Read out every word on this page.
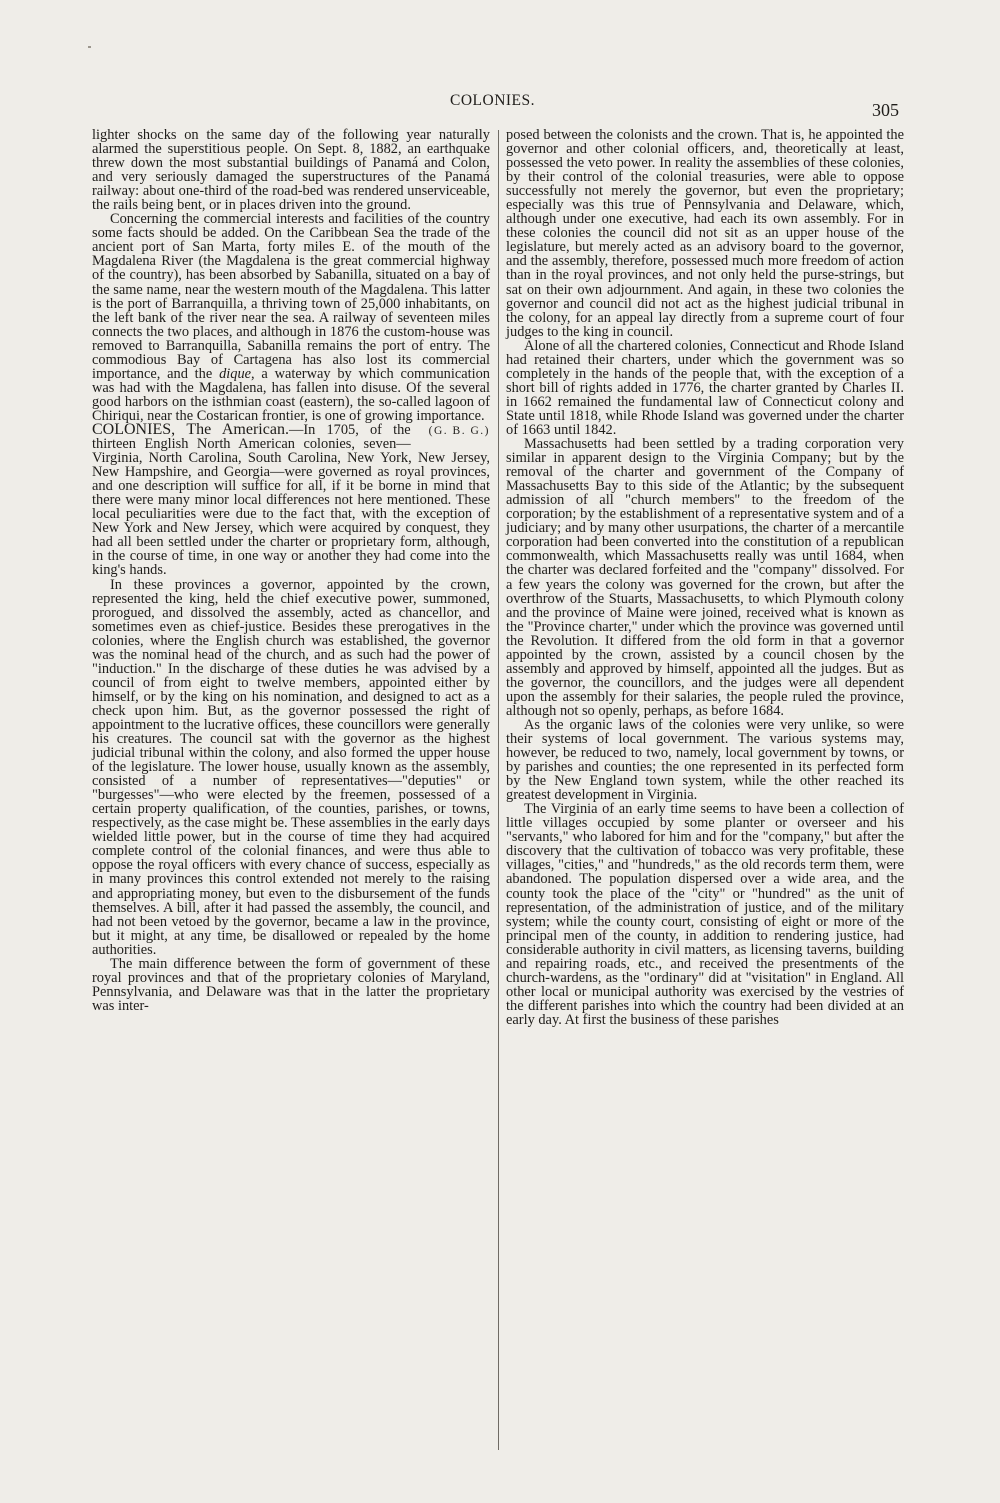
COLONIES.	305

lighter shocks on the same day of the following year naturally alarmed the superstitious people. On Sept. 8, 1882, an earthquake threw down the most substantial buildings of Panamá and Colon, and very seriously damaged the superstructures of the Panamá railway: about one-third of the road-bed was rendered unserviceable, the rails being bent, or in places driven into the ground.

Concerning the commercial interests and facilities of the country some facts should be added. On the Caribbean Sea the trade of the ancient port of San Marta, forty miles E. of the mouth of the Magdalena River (the Magdalena is the great commercial highway of the country), has been absorbed by Sabanilla, situated on a bay of the same name, near the western mouth of the Magdalena. This latter is the port of Barranquilla, a thriving town of 25,000 inhabitants, on the left bank of the river near the sea. A railway of seventeen miles connects the two places, and although in 1876 the custom-house was removed to Barranquilla, Sabanilla remains the port of entry. The commodious Bay of Cartagena has also lost its commercial importance, and the dique, a waterway by which communication was had with the Magdalena, has fallen into disuse. Of the several good harbors on the isthmian coast (eastern), the so-called lagoon of Chiriqui, near the Costarican frontier, is one of growing importance.
(G. B. G.)

COLONIES, The American.—In 1705, of the thirteen English North American colonies, seven—Virginia, North Carolina, South Carolina, New York, New Jersey, New Hampshire, and Georgia—were governed as royal provinces, and one description will suffice for all, if it be borne in mind that there were many minor local differences not here mentioned. These local peculiarities were due to the fact that, with the exception of New York and New Jersey, which were acquired by conquest, they had all been settled under the charter or proprietary form, although, in the course of time, in one way or another they had come into the king's hands.

In these provinces a governor, appointed by the crown, represented the king, held the chief executive power, summoned, prorogued, and dissolved the assembly, acted as chancellor, and sometimes even as chief-justice. Besides these prerogatives in the colonies, where the English church was established, the governor was the nominal head of the church, and as such had the power of "induction." In the discharge of these duties he was advised by a council of from eight to twelve members, appointed either by himself, or by the king on his nomination, and designed to act as a check upon him. But, as the governor possessed the right of appointment to the lucrative offices, these councillors were generally his creatures. The council sat with the governor as the highest judicial tribunal within the colony, and also formed the upper house of the legislature. The lower house, usually known as the assembly, consisted of a number of representatives—"deputies" or "burgesses"—who were elected by the freemen, possessed of a certain property qualification, of the counties, parishes, or towns, respectively, as the case might be. These assemblies in the early days wielded little power, but in the course of time they had acquired complete control of the colonial finances, and were thus able to oppose the royal officers with every chance of success, especially as in many provinces this control extended not merely to the raising and appropriating money, but even to the disbursement of the funds themselves. A bill, after it had passed the assembly, the council, and had not been vetoed by the governor, became a law in the province, but it might, at any time, be disallowed or repealed by the home authorities.

The main difference between the form of government of these royal provinces and that of the proprietary colonies of Maryland, Pennsylvania, and Delaware was that in the latter the proprietary was inter-

posed between the colonists and the crown. That is, he appointed the governor and other colonial officers, and, theoretically at least, possessed the veto power. In reality the assemblies of these colonies, by their control of the colonial treasuries, were able to oppose successfully not merely the governor, but even the proprietary; especially was this true of Pennsylvania and Delaware, which, although under one executive, had each its own assembly. For in these colonies the council did not sit as an upper house of the legislature, but merely acted as an advisory board to the governor, and the assembly, therefore, possessed much more freedom of action than in the royal provinces, and not only held the purse-strings, but sat on their own adjournment. And again, in these two colonies the governor and council did not act as the highest judicial tribunal in the colony, for an appeal lay directly from a supreme court of four judges to the king in council.

Alone of all the chartered colonies, Connecticut and Rhode Island had retained their charters, under which the government was so completely in the hands of the people that, with the exception of a short bill of rights added in 1776, the charter granted by Charles II. in 1662 remained the fundamental law of Connecticut colony and State until 1818, while Rhode Island was governed under the charter of 1663 until 1842.

Massachusetts had been settled by a trading corporation very similar in apparent design to the Virginia Company; but by the removal of the charter and government of the Company of Massachusetts Bay to this side of the Atlantic; by the subsequent admission of all "church members" to the freedom of the corporation; by the establishment of a representative system and of a judiciary; and by many other usurpations, the charter of a mercantile corporation had been converted into the constitution of a republican commonwealth, which Massachusetts really was until 1684, when the charter was declared forfeited and the "company" dissolved. For a few years the colony was governed for the crown, but after the overthrow of the Stuarts, Massachusetts, to which Plymouth colony and the province of Maine were joined, received what is known as the "Province charter," under which the province was governed until the Revolution. It differed from the old form in that a governor appointed by the crown, assisted by a council chosen by the assembly and approved by himself, appointed all the judges. But as the governor, the councillors, and the judges were all dependent upon the assembly for their salaries, the people ruled the province, although not so openly, perhaps, as before 1684.

As the organic laws of the colonies were very unlike, so were their systems of local government. The various systems may, however, be reduced to two, namely, local government by towns, or by parishes and counties; the one represented in its perfected form by the New England town system, while the other reached its greatest development in Virginia.

The Virginia of an early time seems to have been a collection of little villages occupied by some planter or overseer and his "servants," who labored for him and for the "company," but after the discovery that the cultivation of tobacco was very profitable, these villages, "cities," and "hundreds," as the old records term them, were abandoned. The population dispersed over a wide area, and the county took the place of the "city" or "hundred" as the unit of representation, of the administration of justice, and of the military system; while the county court, consisting of eight or more of the principal men of the county, in addition to rendering justice, had considerable authority in civil matters, as licensing taverns, building and repairing roads, etc., and received the presentments of the church-wardens, as the "ordinary" did at "visitation" in England. All other local or municipal authority was exercised by the vestries of the different parishes into which the country had been divided at an early day. At first the business of these parishes
